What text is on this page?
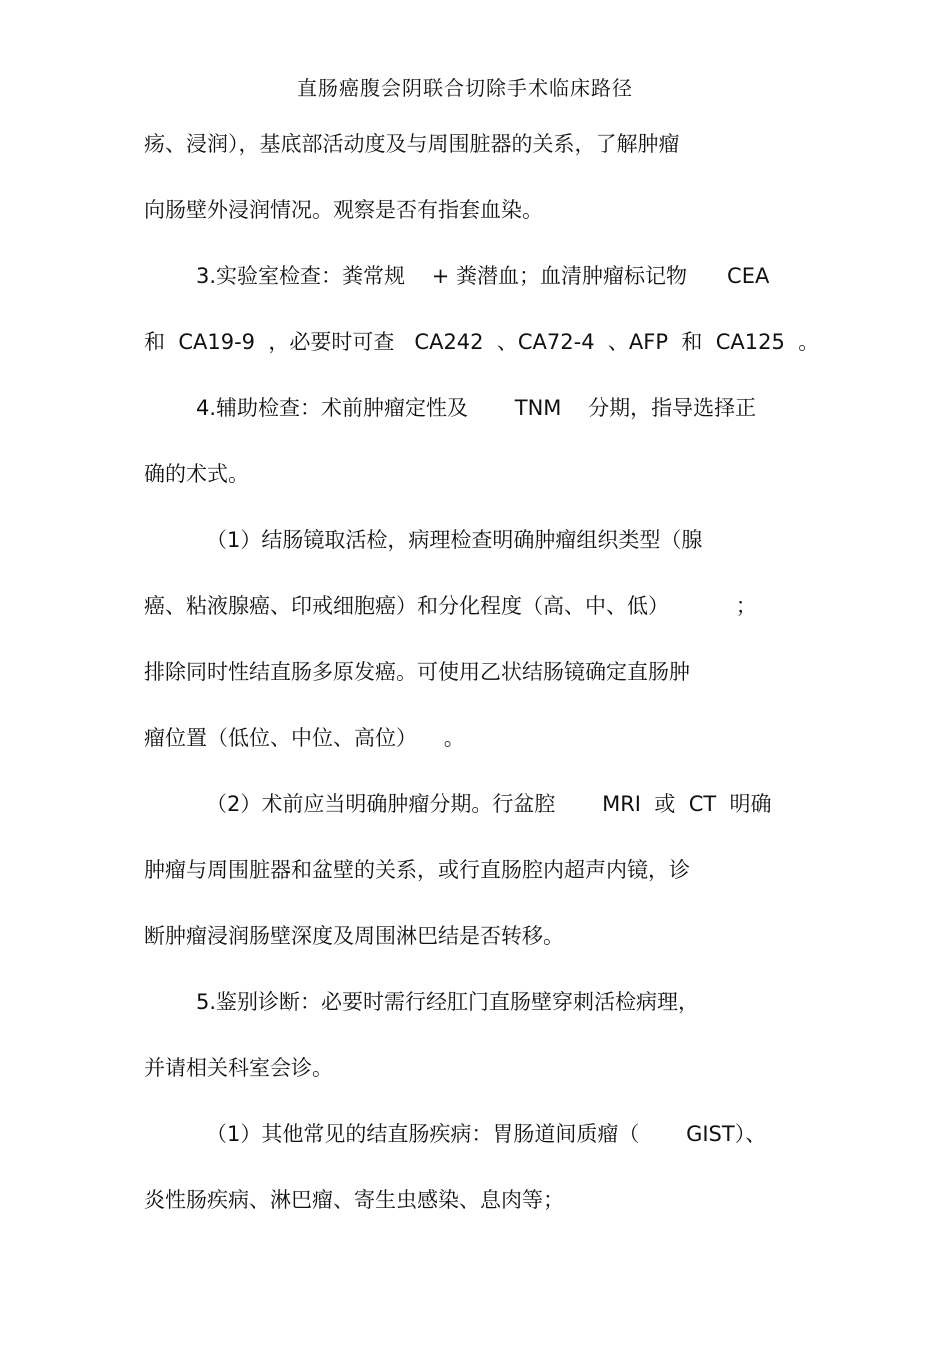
直肠癌腹会阴联合切除手术临床路径
疡、浸润），基底部活动度及与周围脏器的关系，了解肿瘤
向肠壁外浸润情况。观察是否有指套血染。
3.实验室检查：粪常规    + 粪潜血；血清肿瘤标记物      CEA
和  CA19-9  ，必要时可查   CA242  、CA72-4  、AFP  和  CA125  。
4.辅助检查：术前肿瘤定性及       TNM    分期，指导选择正
确的术式。
（1）结肠镜取活检，病理检查明确肿瘤组织类型（腺
癌、粘液腺癌、印戒细胞癌）和分化程度（高、中、低）          ；
排除同时性结直肠多原发癌。可使用乙状结肠镜确定直肠肿
瘤位置（低位、中位、高位）    。
（2）术前应当明确肿瘤分期。行盆腔       MRI  或  CT  明确
肿瘤与周围脏器和盆壁的关系，或行直肠腔内超声内镜，诊
断肿瘤浸润肠壁深度及周围淋巴结是否转移。
5.鉴别诊断：必要时需行经肛门直肠壁穿刺活检病理，
并请相关科室会诊。
（1）其他常见的结直肠疾病：胃肠道间质瘤（       GIST）、
炎性肠疾病、淋巴瘤、寄生虫感染、息肉等；
